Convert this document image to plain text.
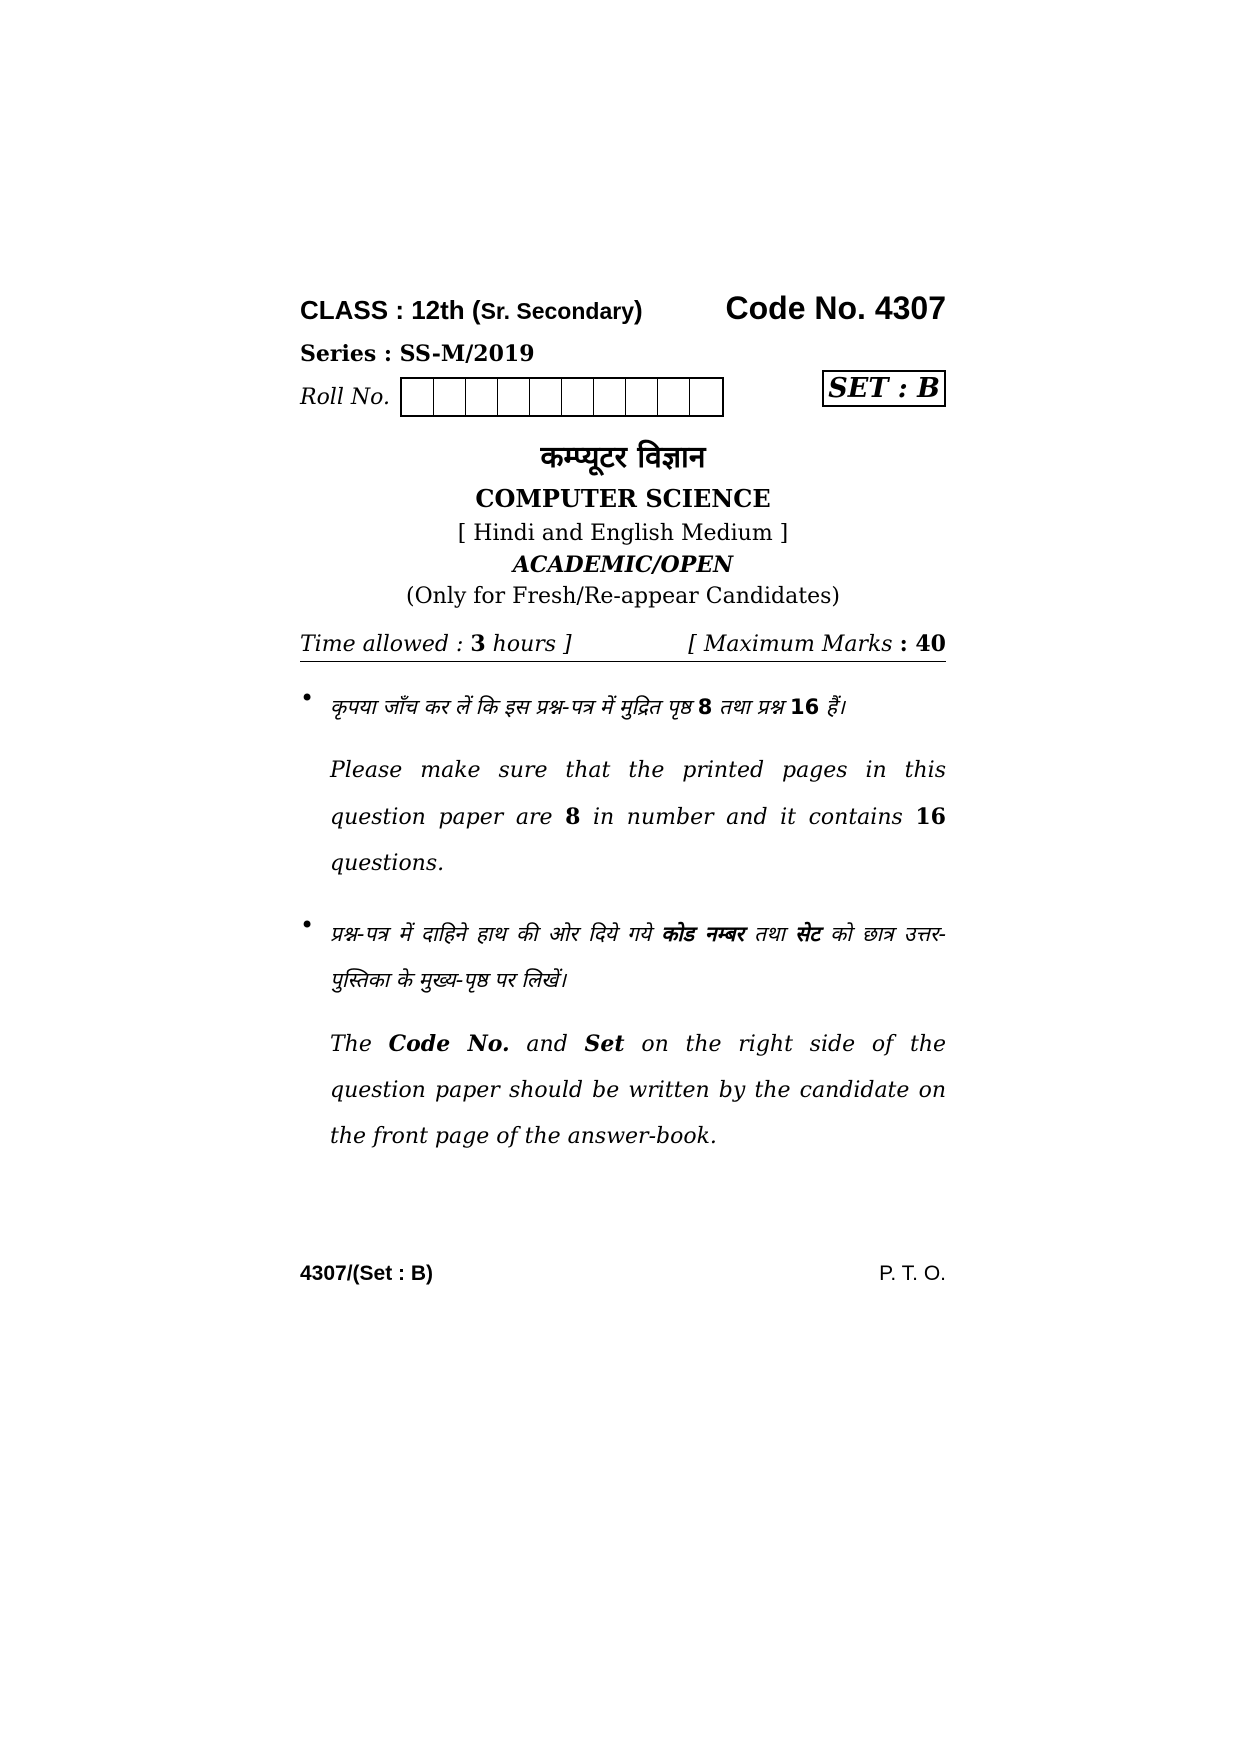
CLASS : 12th (Sr. Secondary)	Code No. 4307
Series : SS-M/2019
Roll No.	SET : B
कम्प्यूटर विज्ञान
COMPUTER SCIENCE
[ Hindi and English Medium ]
ACADEMIC/OPEN
(Only for Fresh/Re-appear Candidates)
Time allowed : 3 hours ]	[ Maximum Marks : 40
• कृपया जाँच कर लें कि इस प्रश्न-पत्र में मुद्रित पृष्ठ 8 तथा प्रश्न 16 हैं।
Please make sure that the printed pages in this question paper are 8 in number and it contains 16 questions.
• प्रश्न-पत्र में दाहिने हाथ की ओर दिये गये कोड नम्बर तथा सेट को छात्र उत्तर-पुस्तिका के मुख्य-पृष्ठ पर लिखें।
The Code No. and Set on the right side of the question paper should be written by the candidate on the front page of the answer-book.
4307/(Set : B)	P. T. O.
